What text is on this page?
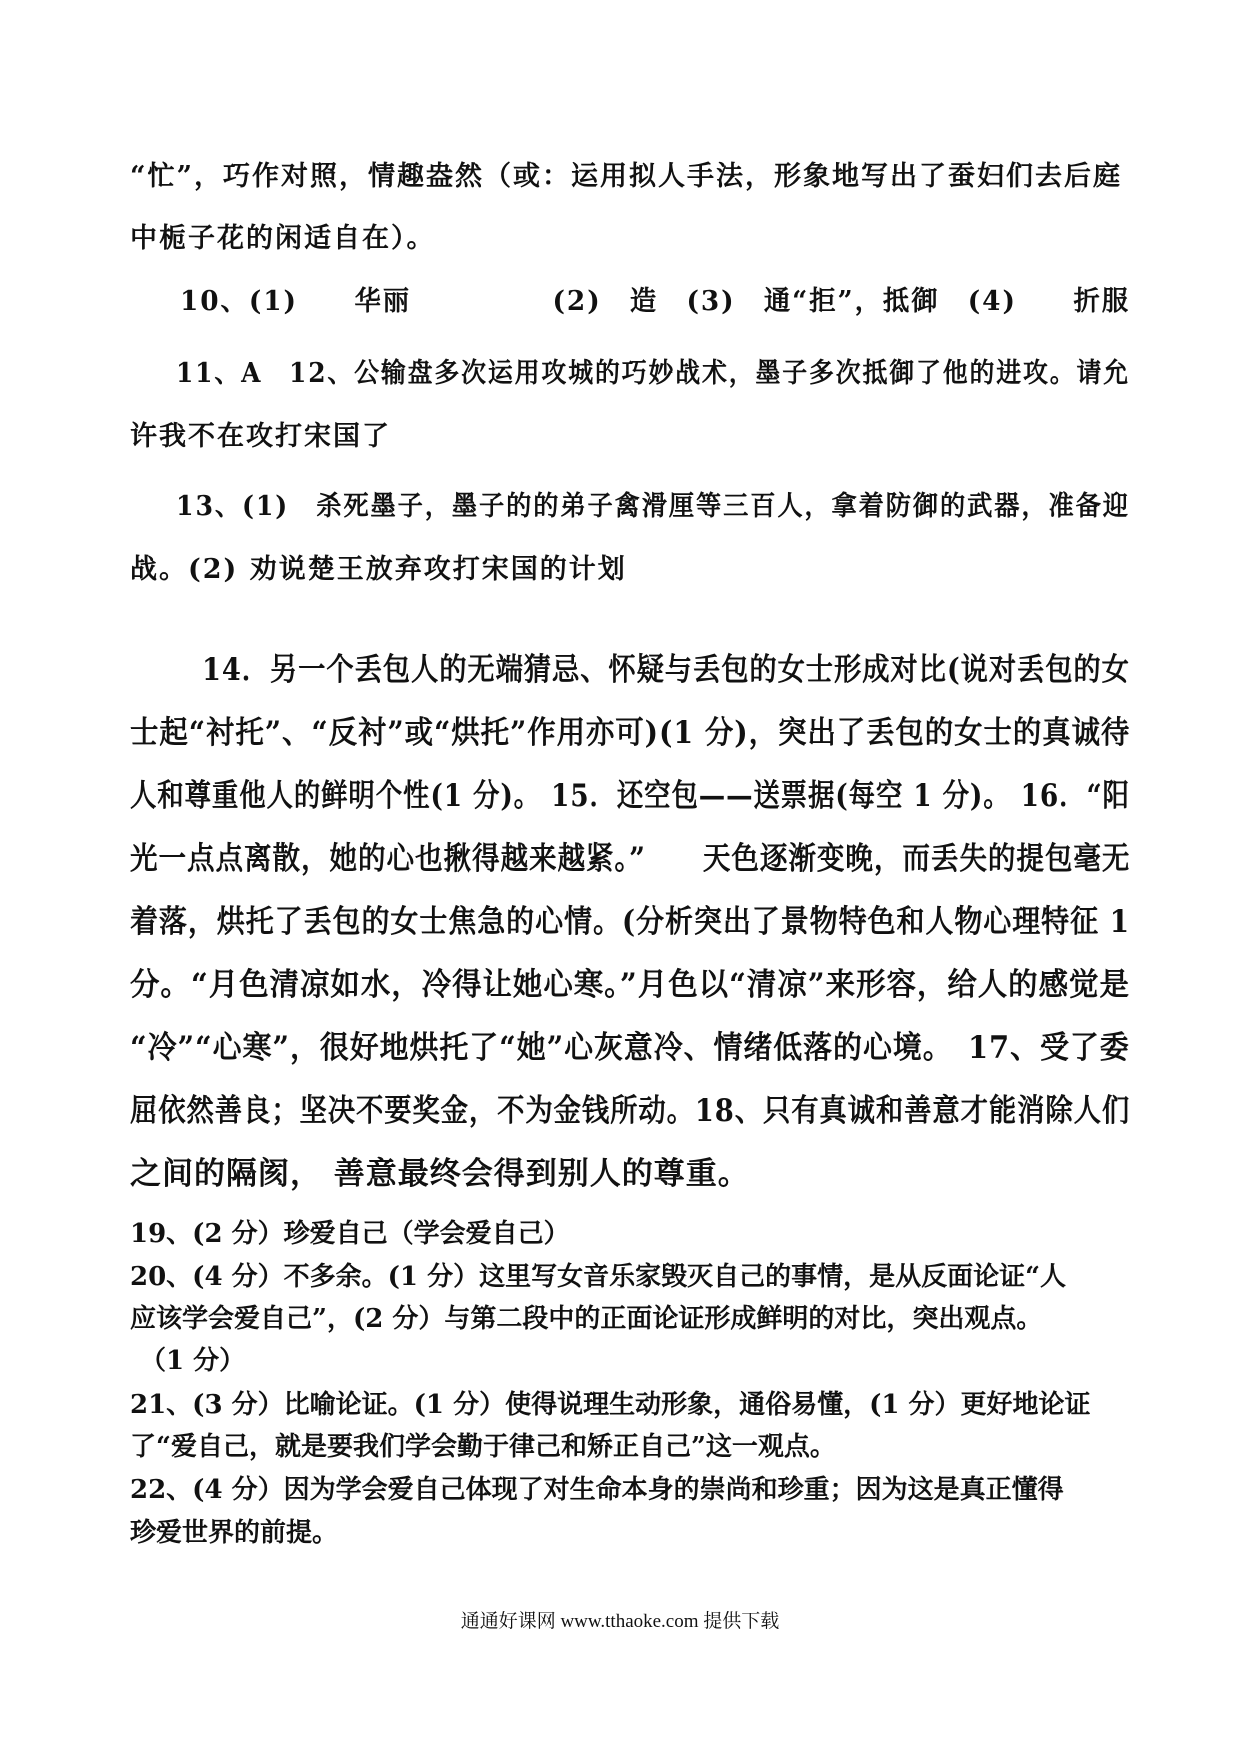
“忙”，巧作对照，情趣盎然（或：运用拟人手法，形象地写出了蚕妇们去后庭
中栀子花的闲适自在）。
10、(1)　　华丽　　　　　(2)　造　(3)　通“拒”，抵御　(4)　　折服
11、A　12、公输盘多次运用攻城的巧妙战术，墨子多次抵御了他的进攻。请允
许我不在攻打宋国了
13、(1)　杀死墨子，墨子的的弟子禽滑厘等三百人，拿着防御的武器，准备迎
战。(2) 劝说楚王放弃攻打宋国的计划
14．另一个丢包人的无端猜忌、怀疑与丢包的女士形成对比(说对丢包的女
士起“衬托”、“反衬”或“烘托”作用亦可)(1 分)，突出了丢包的女士的真诚待
人和尊重他人的鲜明个性(1 分)。 15．还空包——送票据(每空 1 分)。 16．“阳
光一点点离散，她的心也揪得越来越紧。”　　天色逐渐变晚，而丢失的提包毫无
着落，烘托了丢包的女士焦急的心情。(分析突出了景物特色和人物心理特征 1
分。“月色清凉如水，冷得让她心寒。”月色以“清凉”来形容，给人的感觉是
“冷”“心寒”，很好地烘托了“她”心灰意冷、情绪低落的心境。　17、受了委
屈依然善良；坚决不要奖金，不为金钱所动。18、只有真诚和善意才能消除人们
之间的隔阂， 善意最终会得到别人的尊重。
19、(2 分）珍爱自己（学会爱自己）
20、(4 分）不多余。(1 分）这里写女音乐家毁灭自己的事情，是从反面论证“人
应该学会爱自己”，(2 分）与第二段中的正面论证形成鲜明的对比，突出观点。
（1 分）
21、(3 分）比喻论证。(1 分）使得说理生动形象，通俗易懂，(1 分）更好地论证
了“爱自己，就是要我们学会勤于律己和矫正自己”这一观点。
22、(4 分）因为学会爱自己体现了对生命本身的崇尚和珍重；因为这是真正懂得
珍爱世界的前提。
通通好课网 www.tthaoke.com 提供下载
